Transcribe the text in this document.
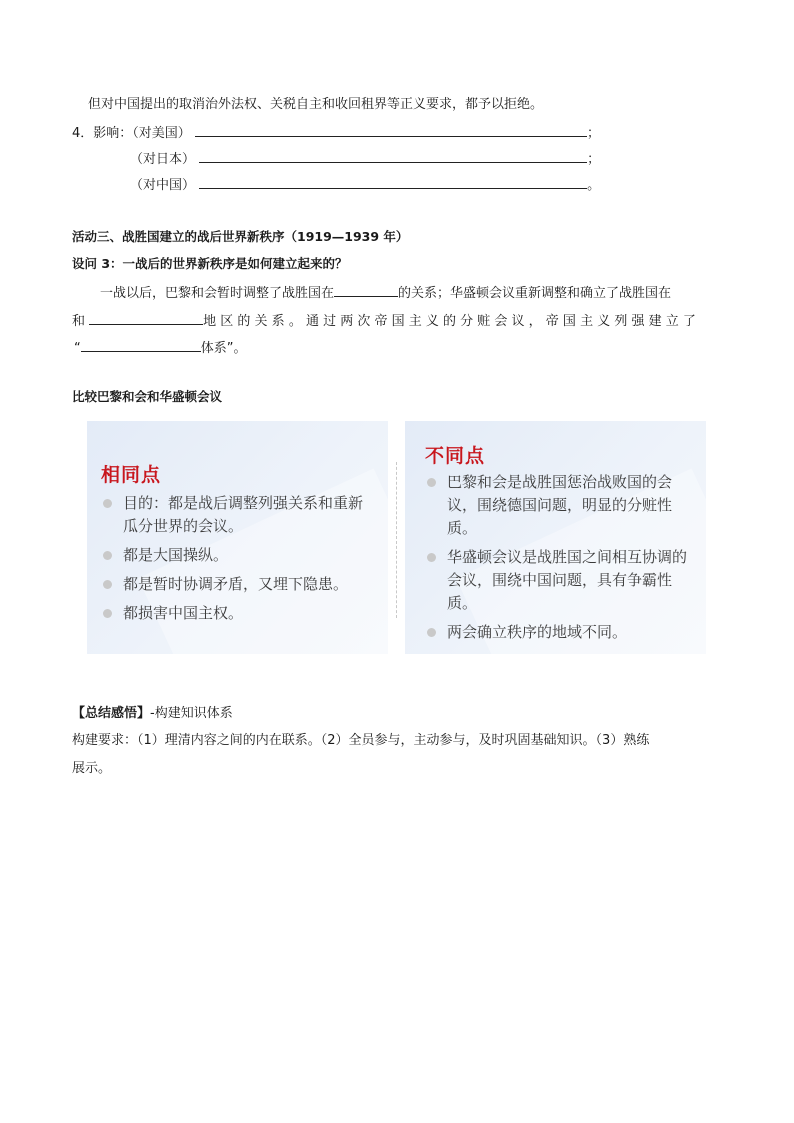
但对中国提出的取消治外法权、关税自主和收回租界等正义要求，都予以拒绝。
4．影响：（对美国）	；
（对日本）	；
（对中国）	。
活动三、战胜国建立的战后世界新秩序（1919—1939 年）
设问 3：一战后的世界新秩序是如何建立起来的？
一战以后，巴黎和会暂时调整了战胜国在	的关系；华盛顿会议重新调整和确立了战胜国在
和	地 区 的 关 系 。 通 过 两 次 帝 国 主 义 的 分 赃 会 议 ， 帝 国 主 义 列 强 建 立 了
“	体系”。
比较巴黎和会和华盛顿会议
相同点
目的：都是战后调整列强关系和重新瓜分世界的会议。
都是大国操纵。
都是暂时协调矛盾，又埋下隐患。
都损害中国主权。
不同点
巴黎和会是战胜国惩治战败国的会议，围绕德国问题，明显的分赃性质。
华盛顿会议是战胜国之间相互协调的会议，围绕中国问题，具有争霸性质。
两会确立秩序的地域不同。
【总结感悟】-构建知识体系
构建要求：（1）理清内容之间的内在联系。（2）全员参与，主动参与，及时巩固基础知识。（3）熟练
展示。
